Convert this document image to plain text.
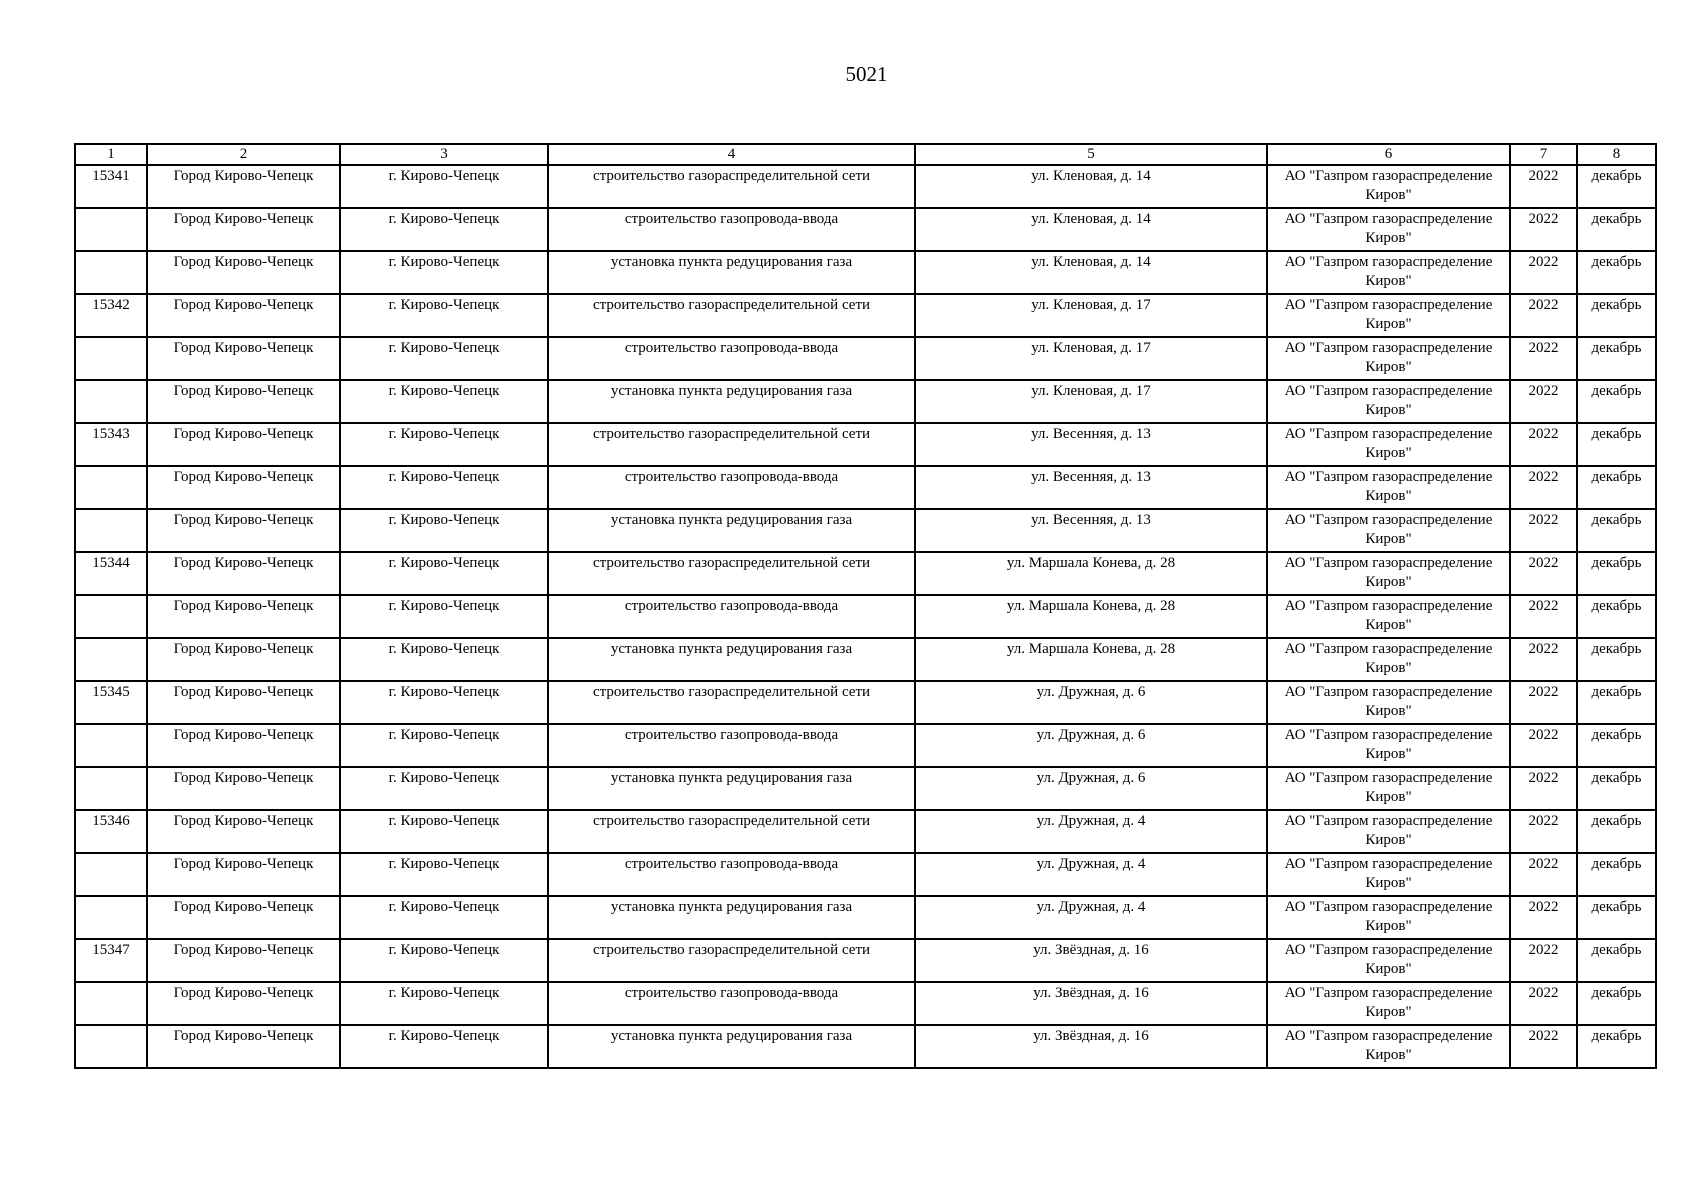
5021
1	2	3	4	5	6	7	8
15341	Город Кирово-Чепецк	г. Кирово-Чепецк	строительство газораспределительной сети	ул. Кленовая, д. 14	АО "Газпром газораспределение Киров"	2022	декабрь
	Город Кирово-Чепецк	г. Кирово-Чепецк	строительство газопровода-ввода	ул. Кленовая, д. 14	АО "Газпром газораспределение Киров"	2022	декабрь
	Город Кирово-Чепецк	г. Кирово-Чепецк	установка пункта редуцирования газа	ул. Кленовая, д. 14	АО "Газпром газораспределение Киров"	2022	декабрь
15342	Город Кирово-Чепецк	г. Кирово-Чепецк	строительство газораспределительной сети	ул. Кленовая, д. 17	АО "Газпром газораспределение Киров"	2022	декабрь
	Город Кирово-Чепецк	г. Кирово-Чепецк	строительство газопровода-ввода	ул. Кленовая, д. 17	АО "Газпром газораспределение Киров"	2022	декабрь
	Город Кирово-Чепецк	г. Кирово-Чепецк	установка пункта редуцирования газа	ул. Кленовая, д. 17	АО "Газпром газораспределение Киров"	2022	декабрь
15343	Город Кирово-Чепецк	г. Кирово-Чепецк	строительство газораспределительной сети	ул. Весенняя, д. 13	АО "Газпром газораспределение Киров"	2022	декабрь
	Город Кирово-Чепецк	г. Кирово-Чепецк	строительство газопровода-ввода	ул. Весенняя, д. 13	АО "Газпром газораспределение Киров"	2022	декабрь
	Город Кирово-Чепецк	г. Кирово-Чепецк	установка пункта редуцирования газа	ул. Весенняя, д. 13	АО "Газпром газораспределение Киров"	2022	декабрь
15344	Город Кирово-Чепецк	г. Кирово-Чепецк	строительство газораспределительной сети	ул. Маршала Конева, д. 28	АО "Газпром газораспределение Киров"	2022	декабрь
	Город Кирово-Чепецк	г. Кирово-Чепецк	строительство газопровода-ввода	ул. Маршала Конева, д. 28	АО "Газпром газораспределение Киров"	2022	декабрь
	Город Кирово-Чепецк	г. Кирово-Чепецк	установка пункта редуцирования газа	ул. Маршала Конева, д. 28	АО "Газпром газораспределение Киров"	2022	декабрь
15345	Город Кирово-Чепецк	г. Кирово-Чепецк	строительство газораспределительной сети	ул. Дружная, д. 6	АО "Газпром газораспределение Киров"	2022	декабрь
	Город Кирово-Чепецк	г. Кирово-Чепецк	строительство газопровода-ввода	ул. Дружная, д. 6	АО "Газпром газораспределение Киров"	2022	декабрь
	Город Кирово-Чепецк	г. Кирово-Чепецк	установка пункта редуцирования газа	ул. Дружная, д. 6	АО "Газпром газораспределение Киров"	2022	декабрь
15346	Город Кирово-Чепецк	г. Кирово-Чепецк	строительство газораспределительной сети	ул. Дружная, д. 4	АО "Газпром газораспределение Киров"	2022	декабрь
	Город Кирово-Чепецк	г. Кирово-Чепецк	строительство газопровода-ввода	ул. Дружная, д. 4	АО "Газпром газораспределение Киров"	2022	декабрь
	Город Кирово-Чепецк	г. Кирово-Чепецк	установка пункта редуцирования газа	ул. Дружная, д. 4	АО "Газпром газораспределение Киров"	2022	декабрь
15347	Город Кирово-Чепецк	г. Кирово-Чепецк	строительство газораспределительной сети	ул. Звёздная, д. 16	АО "Газпром газораспределение Киров"	2022	декабрь
	Город Кирово-Чепецк	г. Кирово-Чепецк	строительство газопровода-ввода	ул. Звёздная, д. 16	АО "Газпром газораспределение Киров"	2022	декабрь
	Город Кирово-Чепецк	г. Кирово-Чепецк	установка пункта редуцирования газа	ул. Звёздная, д. 16	АО "Газпром газораспределение Киров"	2022	декабрь
